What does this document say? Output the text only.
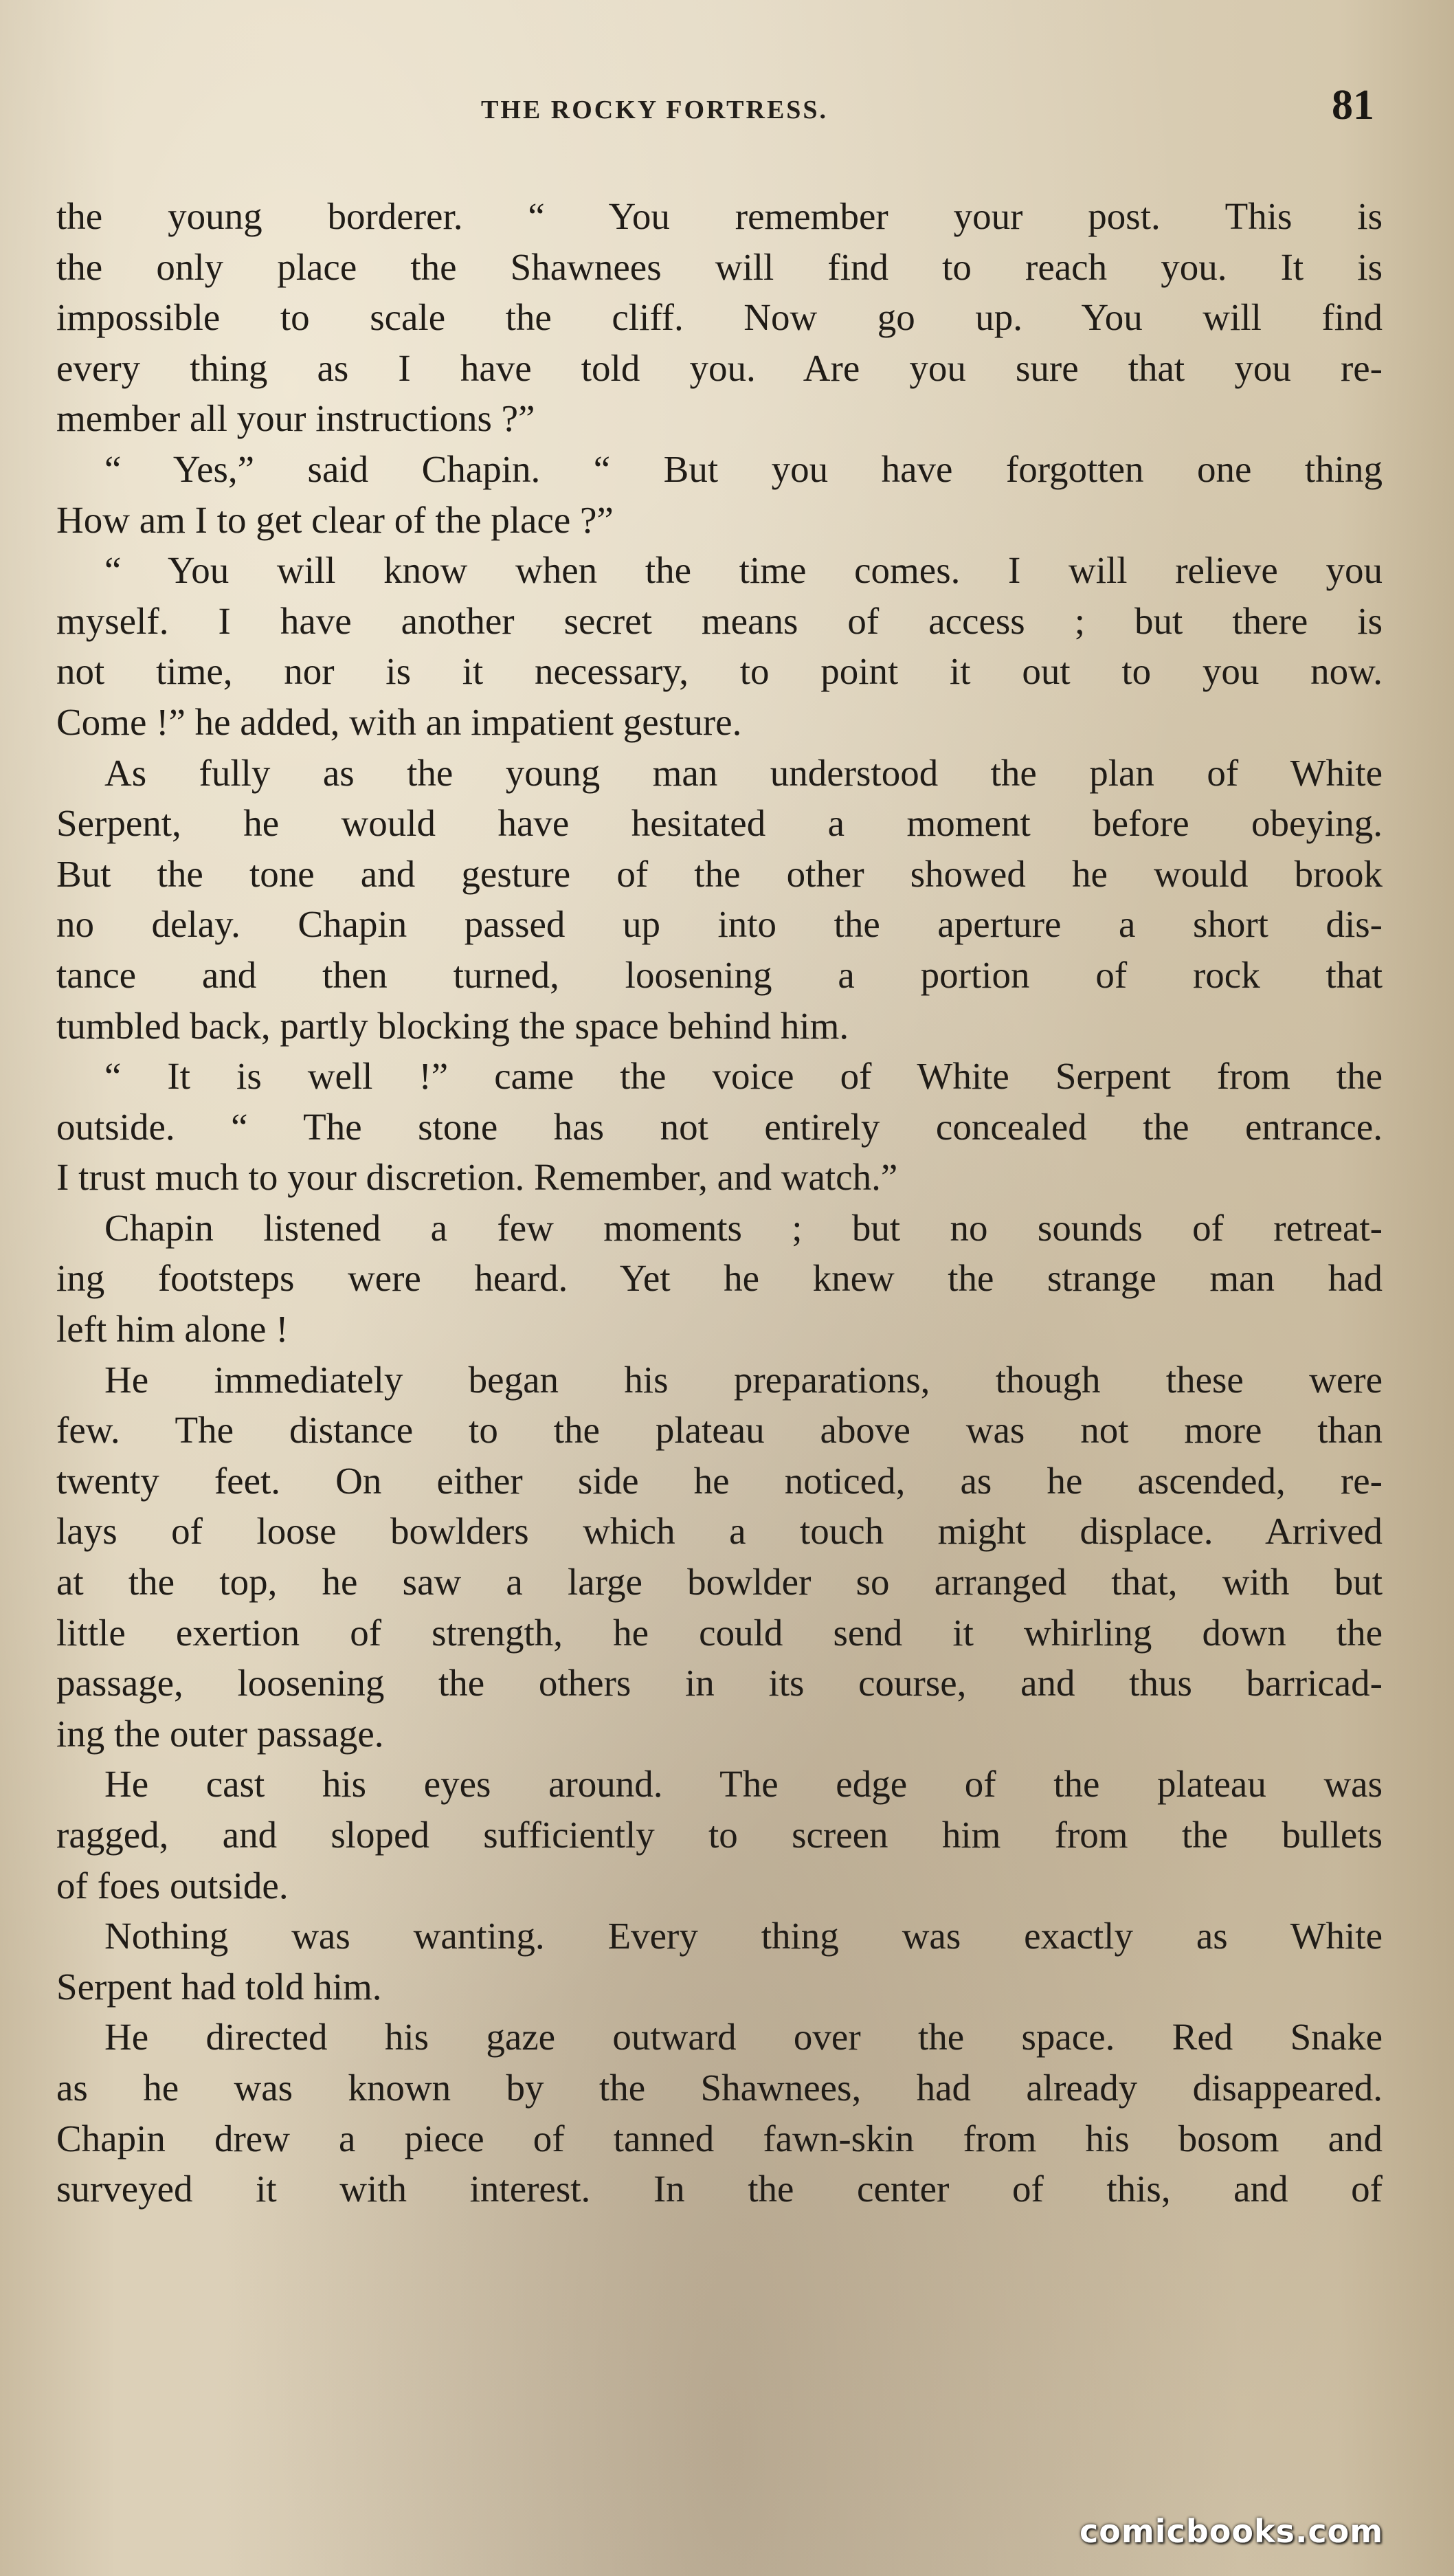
THE ROCKY FORTRESS.	81
the young borderer. “ You remember your post. This is
the only place the Shawnees will find to reach you. It is
impossible to scale the cliff. Now go up. You will find
every thing as I have told you. Are you sure that you re-
member all your instructions ?”
“ Yes,” said Chapin. “ But you have forgotten one thing
How am I to get clear of the place ?”
“ You will know when the time comes. I will relieve you
myself. I have another secret means of access ; but there is
not time, nor is it necessary, to point it out to you now.
Come !” he added, with an impatient gesture.
As fully as the young man understood the plan of White
Serpent, he would have hesitated a moment before obeying.
But the tone and gesture of the other showed he would brook
no delay. Chapin passed up into the aperture a short dis-
tance and then turned, loosening a portion of rock that
tumbled back, partly blocking the space behind him.
“ It is well !” came the voice of White Serpent from the
outside. “ The stone has not entirely concealed the entrance.
I trust much to your discretion. Remember, and watch.”
Chapin listened a few moments ; but no sounds of retreat-
ing footsteps were heard. Yet he knew the strange man had
left him alone !
He immediately began his preparations, though these were
few. The distance to the plateau above was not more than
twenty feet. On either side he noticed, as he ascended, re-
lays of loose bowlders which a touch might displace. Arrived
at the top, he saw a large bowlder so arranged that, with but
little exertion of strength, he could send it whirling down the
passage, loosening the others in its course, and thus barricad-
ing the outer passage.
He cast his eyes around. The edge of the plateau was
ragged, and sloped sufficiently to screen him from the bullets
of foes outside.
Nothing was wanting. Every thing was exactly as White
Serpent had told him.
He directed his gaze outward over the space. Red Snake
as he was known by the Shawnees, had already disappeared.
Chapin drew a piece of tanned fawn-skin from his bosom and
surveyed it with interest. In the center of this, and of
comicbooks.com
